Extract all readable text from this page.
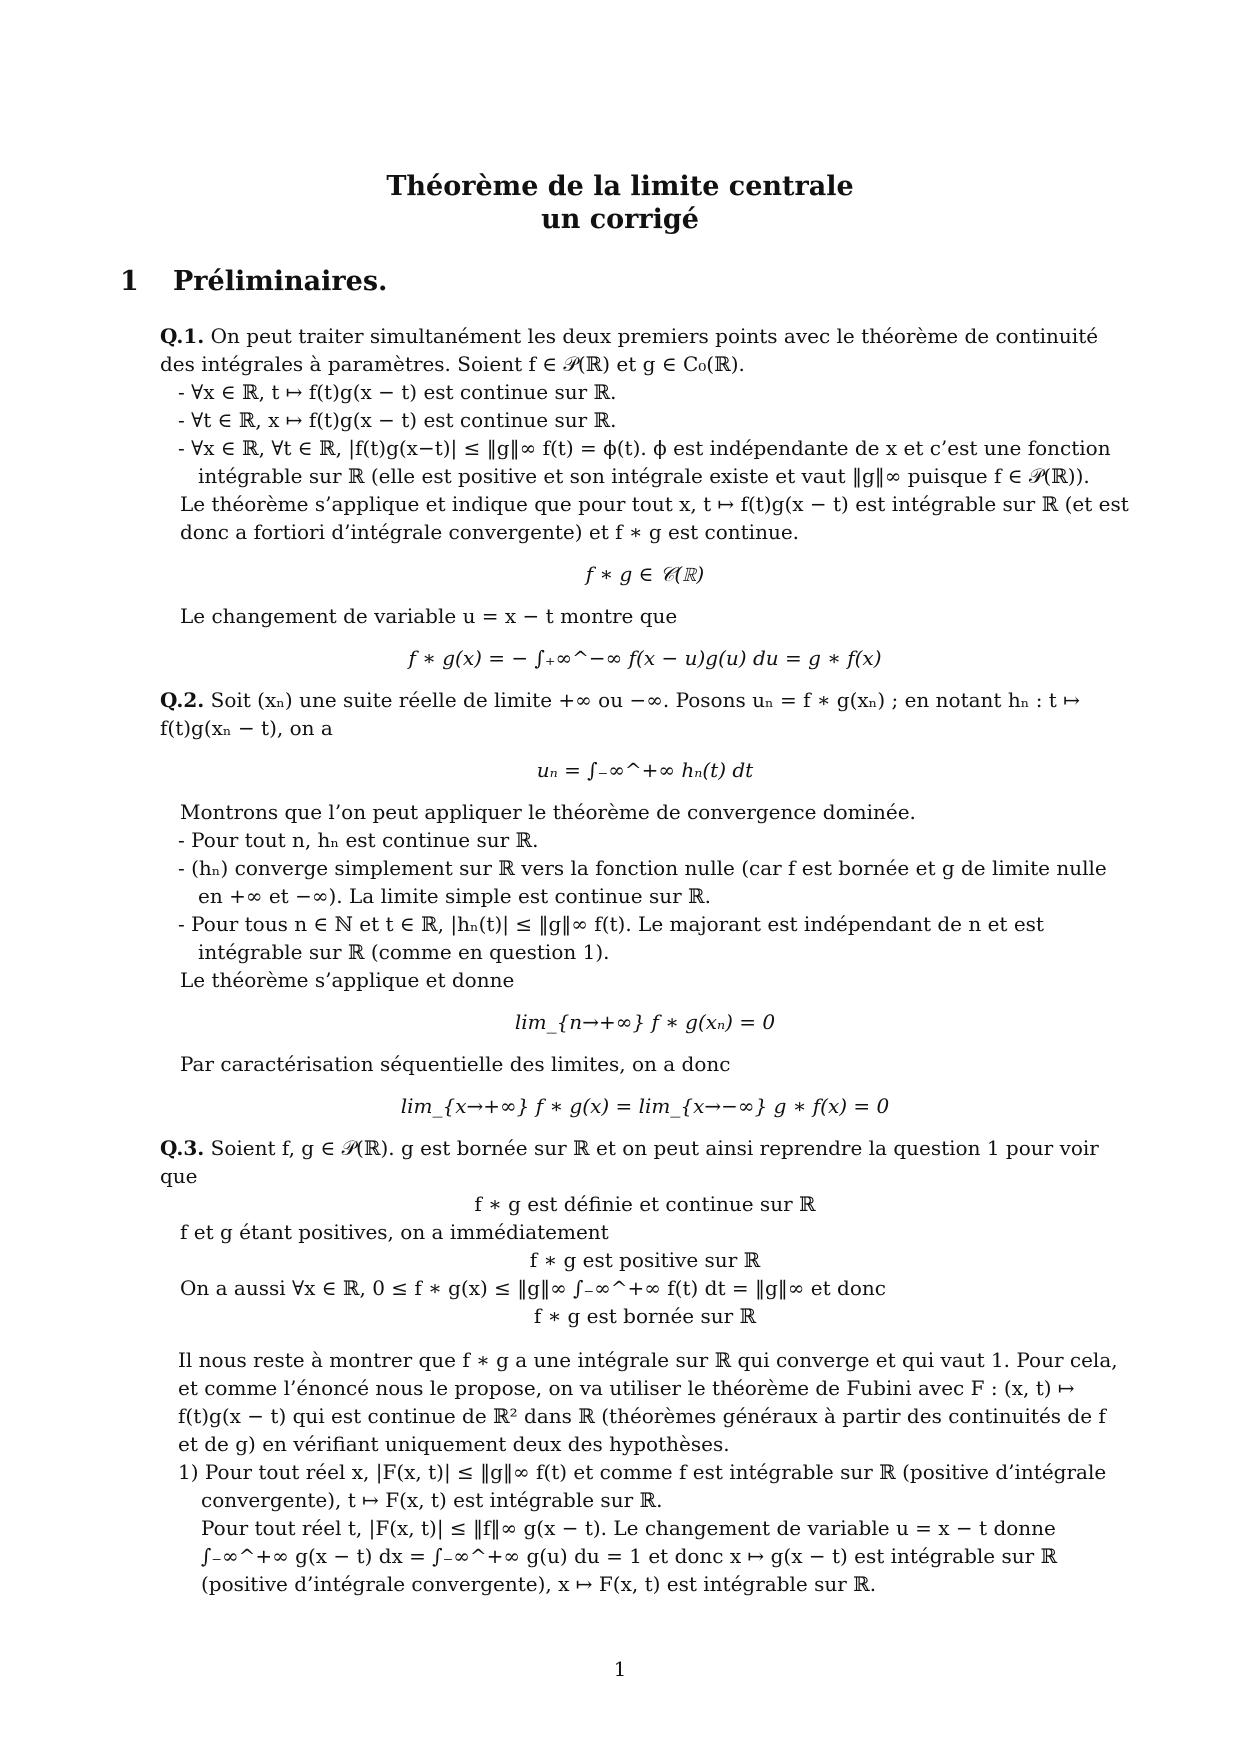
Théorème de la limite centrale
un corrigé
1 Préliminaires.

Q.1. On peut traiter simultanément les deux premiers points avec le théorème de continuité des intégrales à paramètres. Soient f ∈ 𝒫(ℝ) et g ∈ C₀(ℝ).

- ∀x ∈ ℝ, t ↦ f(t)g(x − t) est continue sur ℝ.

- ∀t ∈ ℝ, x ↦ f(t)g(x − t) est continue sur ℝ.

- ∀x ∈ ℝ, ∀t ∈ ℝ, |f(t)g(x−t)| ≤ ‖g‖∞ f(t) = ϕ(t). ϕ est indépendante de x et c’est une fonction intégrable sur ℝ (elle est positive et son intégrale existe et vaut ‖g‖∞ puisque f ∈ 𝒫(ℝ)).

Le théorème s’applique et indique que pour tout x, t ↦ f(t)g(x − t) est intégrable sur ℝ (et est donc a fortiori d’intégrale convergente) et f ∗ g est continue.

f ∗ g ∈ 𝒞(ℝ)

Le changement de variable u = x − t montre que

f ∗ g(x) = − ∫₊∞^−∞ f(x − u)g(u) du = g ∗ f(x)

Q.2. Soit (xₙ) une suite réelle de limite +∞ ou −∞. Posons uₙ = f ∗ g(xₙ) ; en notant hₙ : t ↦ f(t)g(xₙ − t), on a

uₙ = ∫₋∞^+∞ hₙ(t) dt

Montrons que l’on peut appliquer le théorème de convergence dominée.

- Pour tout n, hₙ est continue sur ℝ.

- (hₙ) converge simplement sur ℝ vers la fonction nulle (car f est bornée et g de limite nulle en +∞ et −∞). La limite simple est continue sur ℝ.

- Pour tous n ∈ ℕ et t ∈ ℝ, |hₙ(t)| ≤ ‖g‖∞ f(t). Le majorant est indépendant de n et est intégrable sur ℝ (comme en question 1).

Le théorème s’applique et donne

lim_{n→+∞} f ∗ g(xₙ) = 0

Par caractérisation séquentielle des limites, on a donc

lim_{x→+∞} f ∗ g(x) = lim_{x→−∞} g ∗ f(x) = 0

Q.3. Soient f, g ∈ 𝒫(ℝ). g est bornée sur ℝ et on peut ainsi reprendre la question 1 pour voir que

f ∗ g est définie et continue sur ℝ

f et g étant positives, on a immédiatement

f ∗ g est positive sur ℝ

On a aussi ∀x ∈ ℝ, 0 ≤ f ∗ g(x) ≤ ‖g‖∞ ∫₋∞^+∞ f(t) dt = ‖g‖∞ et donc

f ∗ g est bornée sur ℝ

Il nous reste à montrer que f ∗ g a une intégrale sur ℝ qui converge et qui vaut 1. Pour cela, et comme l’énoncé nous le propose, on va utiliser le théorème de Fubini avec F : (x, t) ↦ f(t)g(x − t) qui est continue de ℝ² dans ℝ (théorèmes généraux à partir des continuités de f et de g) en vérifiant uniquement deux des hypothèses.

1) Pour tout réel x, |F(x, t)| ≤ ‖g‖∞ f(t) et comme f est intégrable sur ℝ (positive d’intégrale convergente), t ↦ F(x, t) est intégrable sur ℝ.

Pour tout réel t, |F(x, t)| ≤ ‖f‖∞ g(x − t). Le changement de variable u = x − t donne ∫₋∞^+∞ g(x − t) dx = ∫₋∞^+∞ g(u) du = 1 et donc x ↦ g(x − t) est intégrable sur ℝ (positive d’intégrale convergente), x ↦ F(x, t) est intégrable sur ℝ.

1
